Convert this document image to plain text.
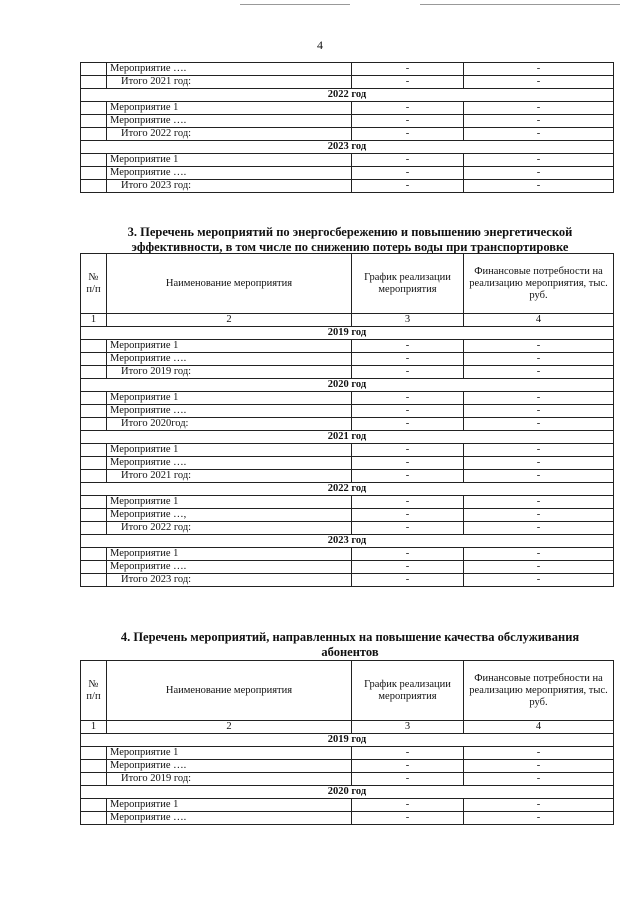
4
	Мероприятие ….	-	-
	Итого 2021 год:	-	-
2022 год			
	Мероприятие 1	-	-
	Мероприятие ….	-	-
	Итого 2022 год:	-	-
2023 год			
	Мероприятие 1	-	-
	Мероприятие ….	-	-
	Итого 2023 год:	-	-
3. Перечень мероприятий по энергосбережению и повышению энергетической
эффективности, в том числе по снижению потерь воды при транспортировке
№ п/п	Наименование мероприятия	График реализации мероприятия	Финансовые потребности на реализацию мероприятия, тыс. руб.
1	2	3	4
2019 год			
	Мероприятие 1	-	-
	Мероприятие ….	-	-
	Итого 2019 год:	-	-
2020 год			
	Мероприятие 1	-	-
	Мероприятие ….	-	-
	Итого 2020год:	-	-
2021 год			
	Мероприятие 1	-	-
	Мероприятие ….	-	-
	Итого 2021 год:	-	-
2022 год			
	Мероприятие 1	-	-
	Мероприятие …,	-	-
	Итого 2022 год:	-	-
2023 год			
	Мероприятие 1	-	-
	Мероприятие ….	-	-
	Итого 2023 год:	-	-
4. Перечень мероприятий, направленных на повышение качества обслуживания
абонентов
№ п/п	Наименование мероприятия	График реализации мероприятия	Финансовые потребности на реализацию мероприятия, тыс. руб.
1	2	3	4
2019 год			
	Мероприятие 1	-	-
	Мероприятие ….	-	-
	Итого 2019 год:	-	-
2020 год			
	Мероприятие 1	-	-
	Мероприятие ….	-	-
